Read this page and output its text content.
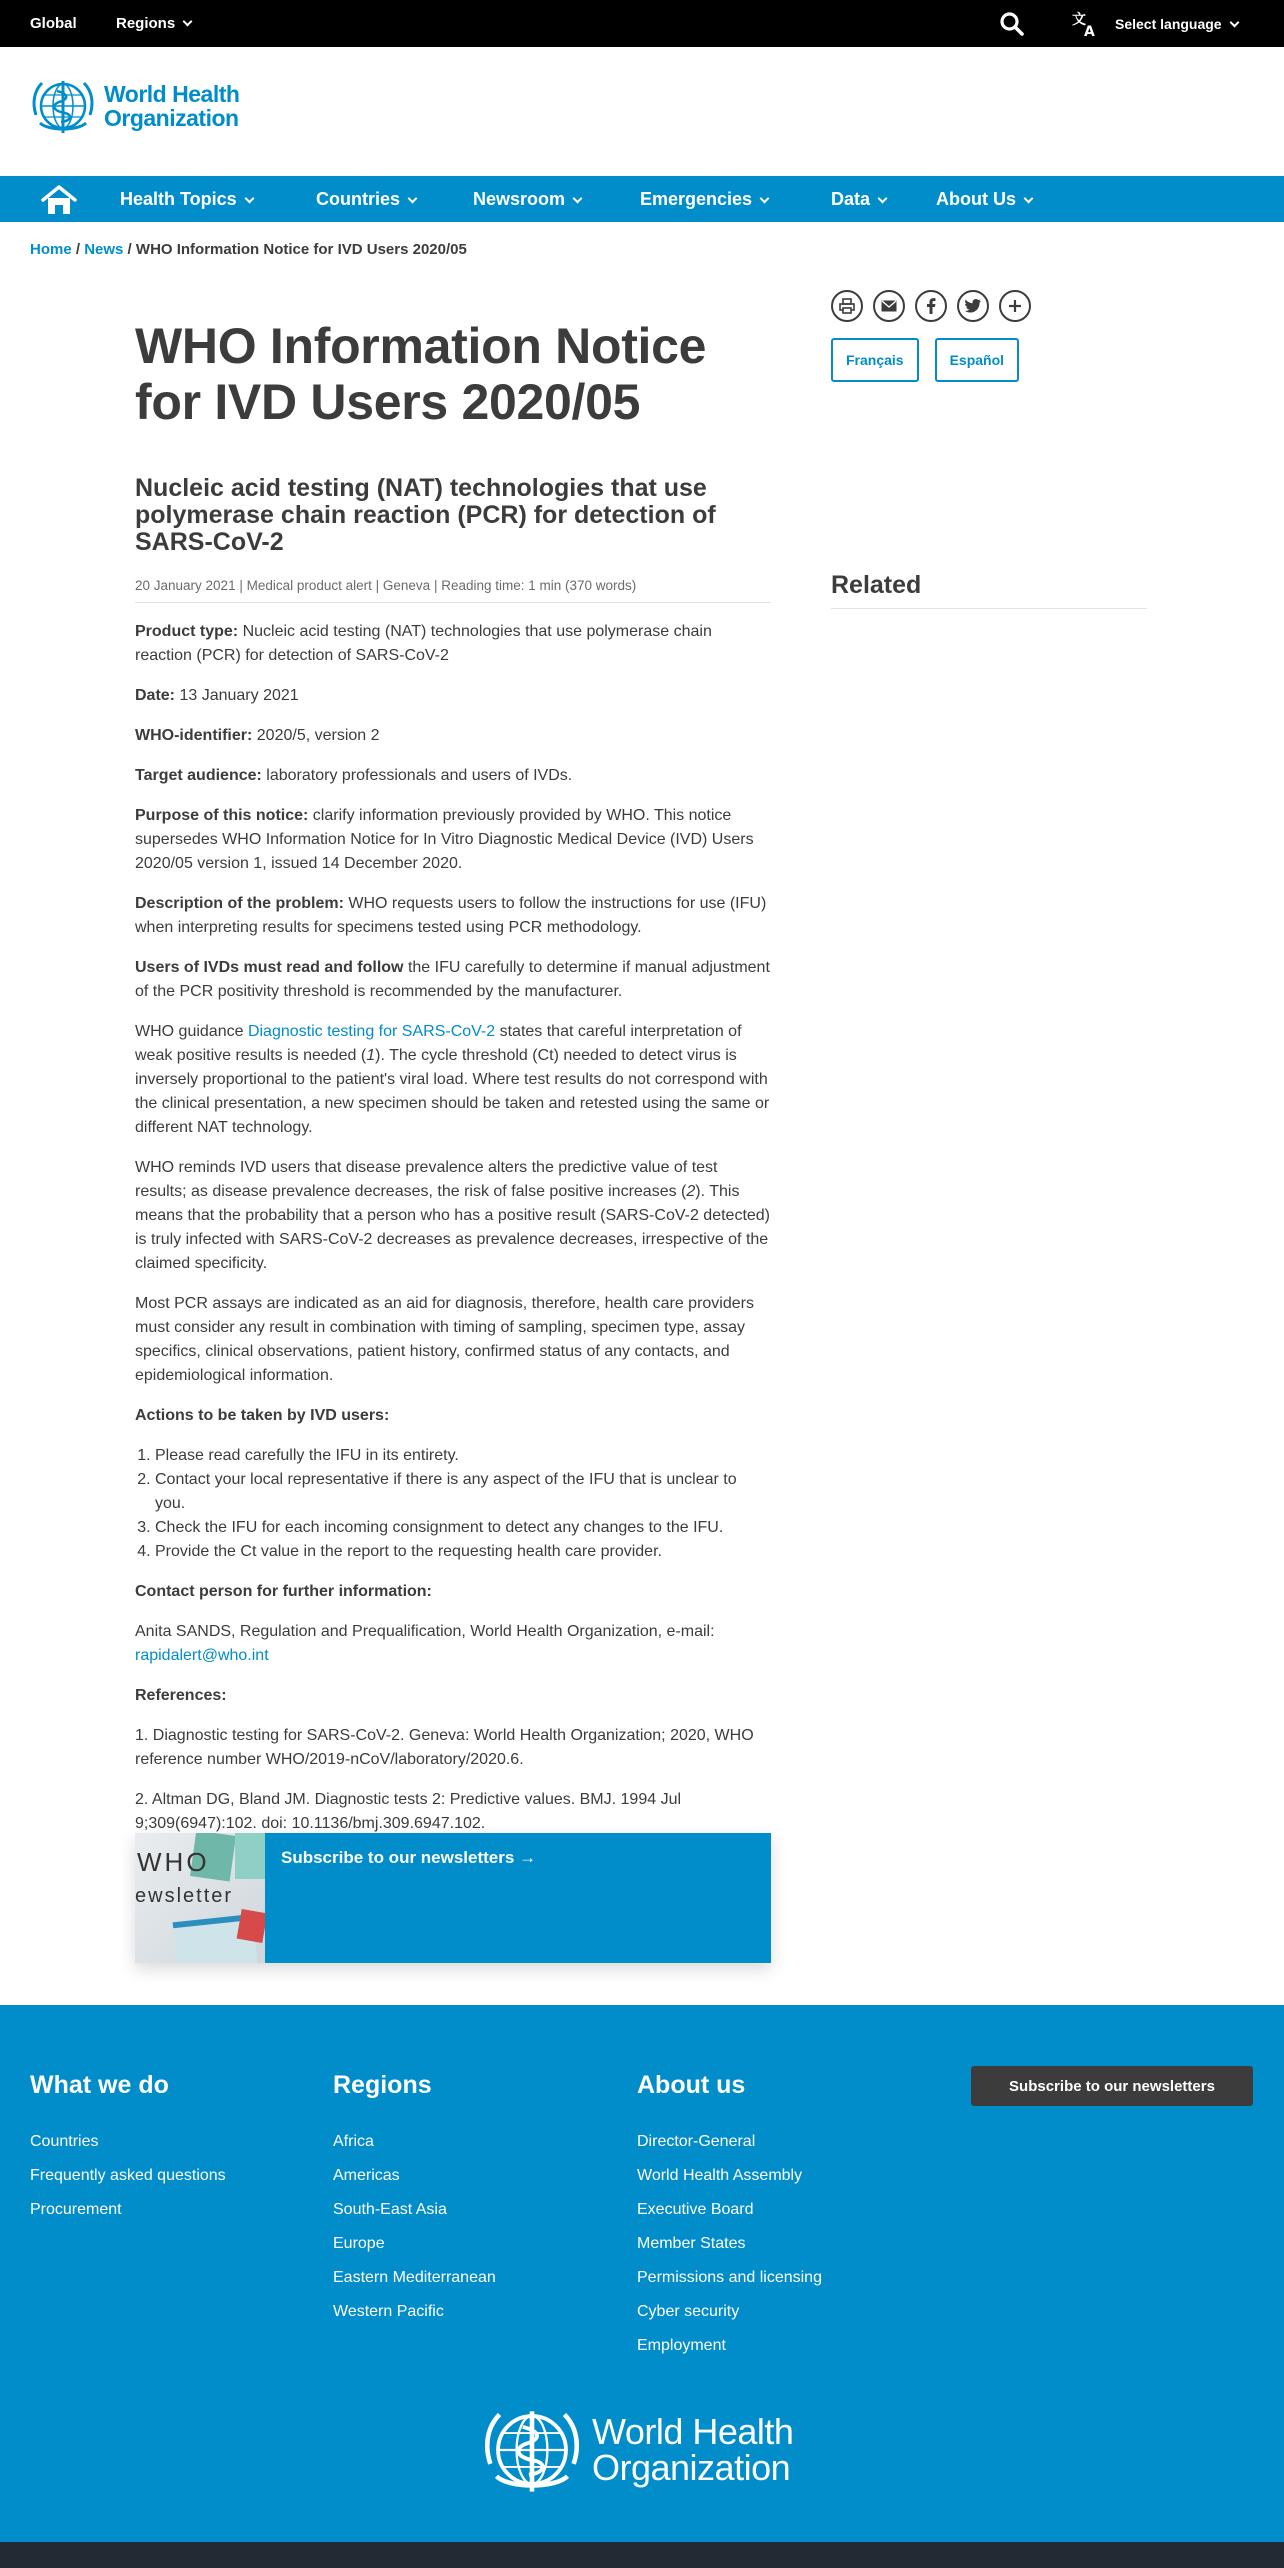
Global	Regions	文
A Select language
World Health
Organization
Health Topics	Countries	Newsroom	Emergencies	Data	About Us
Home / News / WHO Information Notice for IVD Users 2020/05
WHO Information Notice for IVD Users 2020/05
Nucleic acid testing (NAT) technologies that use polymerase chain reaction (PCR) for detection of SARS-CoV-2
20 January 2021 | Medical product alert | Geneva | Reading time: 1 min (370 words)

Product type: Nucleic acid testing (NAT) technologies that use polymerase chain reaction (PCR) for detection of SARS-CoV-2

Date: 13 January 2021

WHO-identifier: 2020/5, version 2

Target audience: laboratory professionals and users of IVDs.

Purpose of this notice: clarify information previously provided by WHO. This notice supersedes WHO Information Notice for In Vitro Diagnostic Medical Device (IVD) Users 2020/05 version 1, issued 14 December 2020.

Description of the problem: WHO requests users to follow the instructions for use (IFU) when interpreting results for specimens tested using PCR methodology.

Users of IVDs must read and follow the IFU carefully to determine if manual adjustment of the PCR positivity threshold is recommended by the manufacturer.

WHO guidance Diagnostic testing for SARS-CoV-2 states that careful interpretation of weak positive results is needed (1). The cycle threshold (Ct) needed to detect virus is inversely proportional to the patient's viral load. Where test results do not correspond with the clinical presentation, a new specimen should be taken and retested using the same or different NAT technology.

WHO reminds IVD users that disease prevalence alters the predictive value of test results; as disease prevalence decreases, the risk of false positive increases (2). This means that the probability that a person who has a positive result (SARS-CoV-2 detected) is truly infected with SARS-CoV-2 decreases as prevalence decreases, irrespective of the claimed specificity.

Most PCR assays are indicated as an aid for diagnosis, therefore, health care providers must consider any result in combination with timing of sampling, specimen type, assay specifics, clinical observations, patient history, confirmed status of any contacts, and epidemiological information.

Actions to be taken by IVD users:

1. Please read carefully the IFU in its entirety.
2. Contact your local representative if there is any aspect of the IFU that is unclear to you.
3. Check the IFU for each incoming consignment to detect any changes to the IFU.
4. Provide the Ct value in the report to the requesting health care provider.

Contact person for further information:

Anita SANDS, Regulation and Prequalification, World Health Organization, e-mail: rapidalert@who.int

References:

1. Diagnostic testing for SARS-CoV-2. Geneva: World Health Organization; 2020, WHO reference number WHO/2019-nCoV/laboratory/2020.6.

2. Altman DG, Bland JM. Diagnostic tests 2: Predictive values. BMJ. 1994 Jul 9;309(6947):102. doi: 10.1136/bmj.309.6947.102.

WHO
ewsletter
Subscribe to our newsletters →
Français	Español
Related
What we do
Countries
Frequently asked questions
Procurement
Regions
Africa
Americas
South-East Asia
Europe
Eastern Mediterranean
Western Pacific
About us
Director-General
World Health Assembly
Executive Board
Member States
Permissions and licensing
Cyber security
Employment
Subscribe to our newsletters
World Health
Organization
